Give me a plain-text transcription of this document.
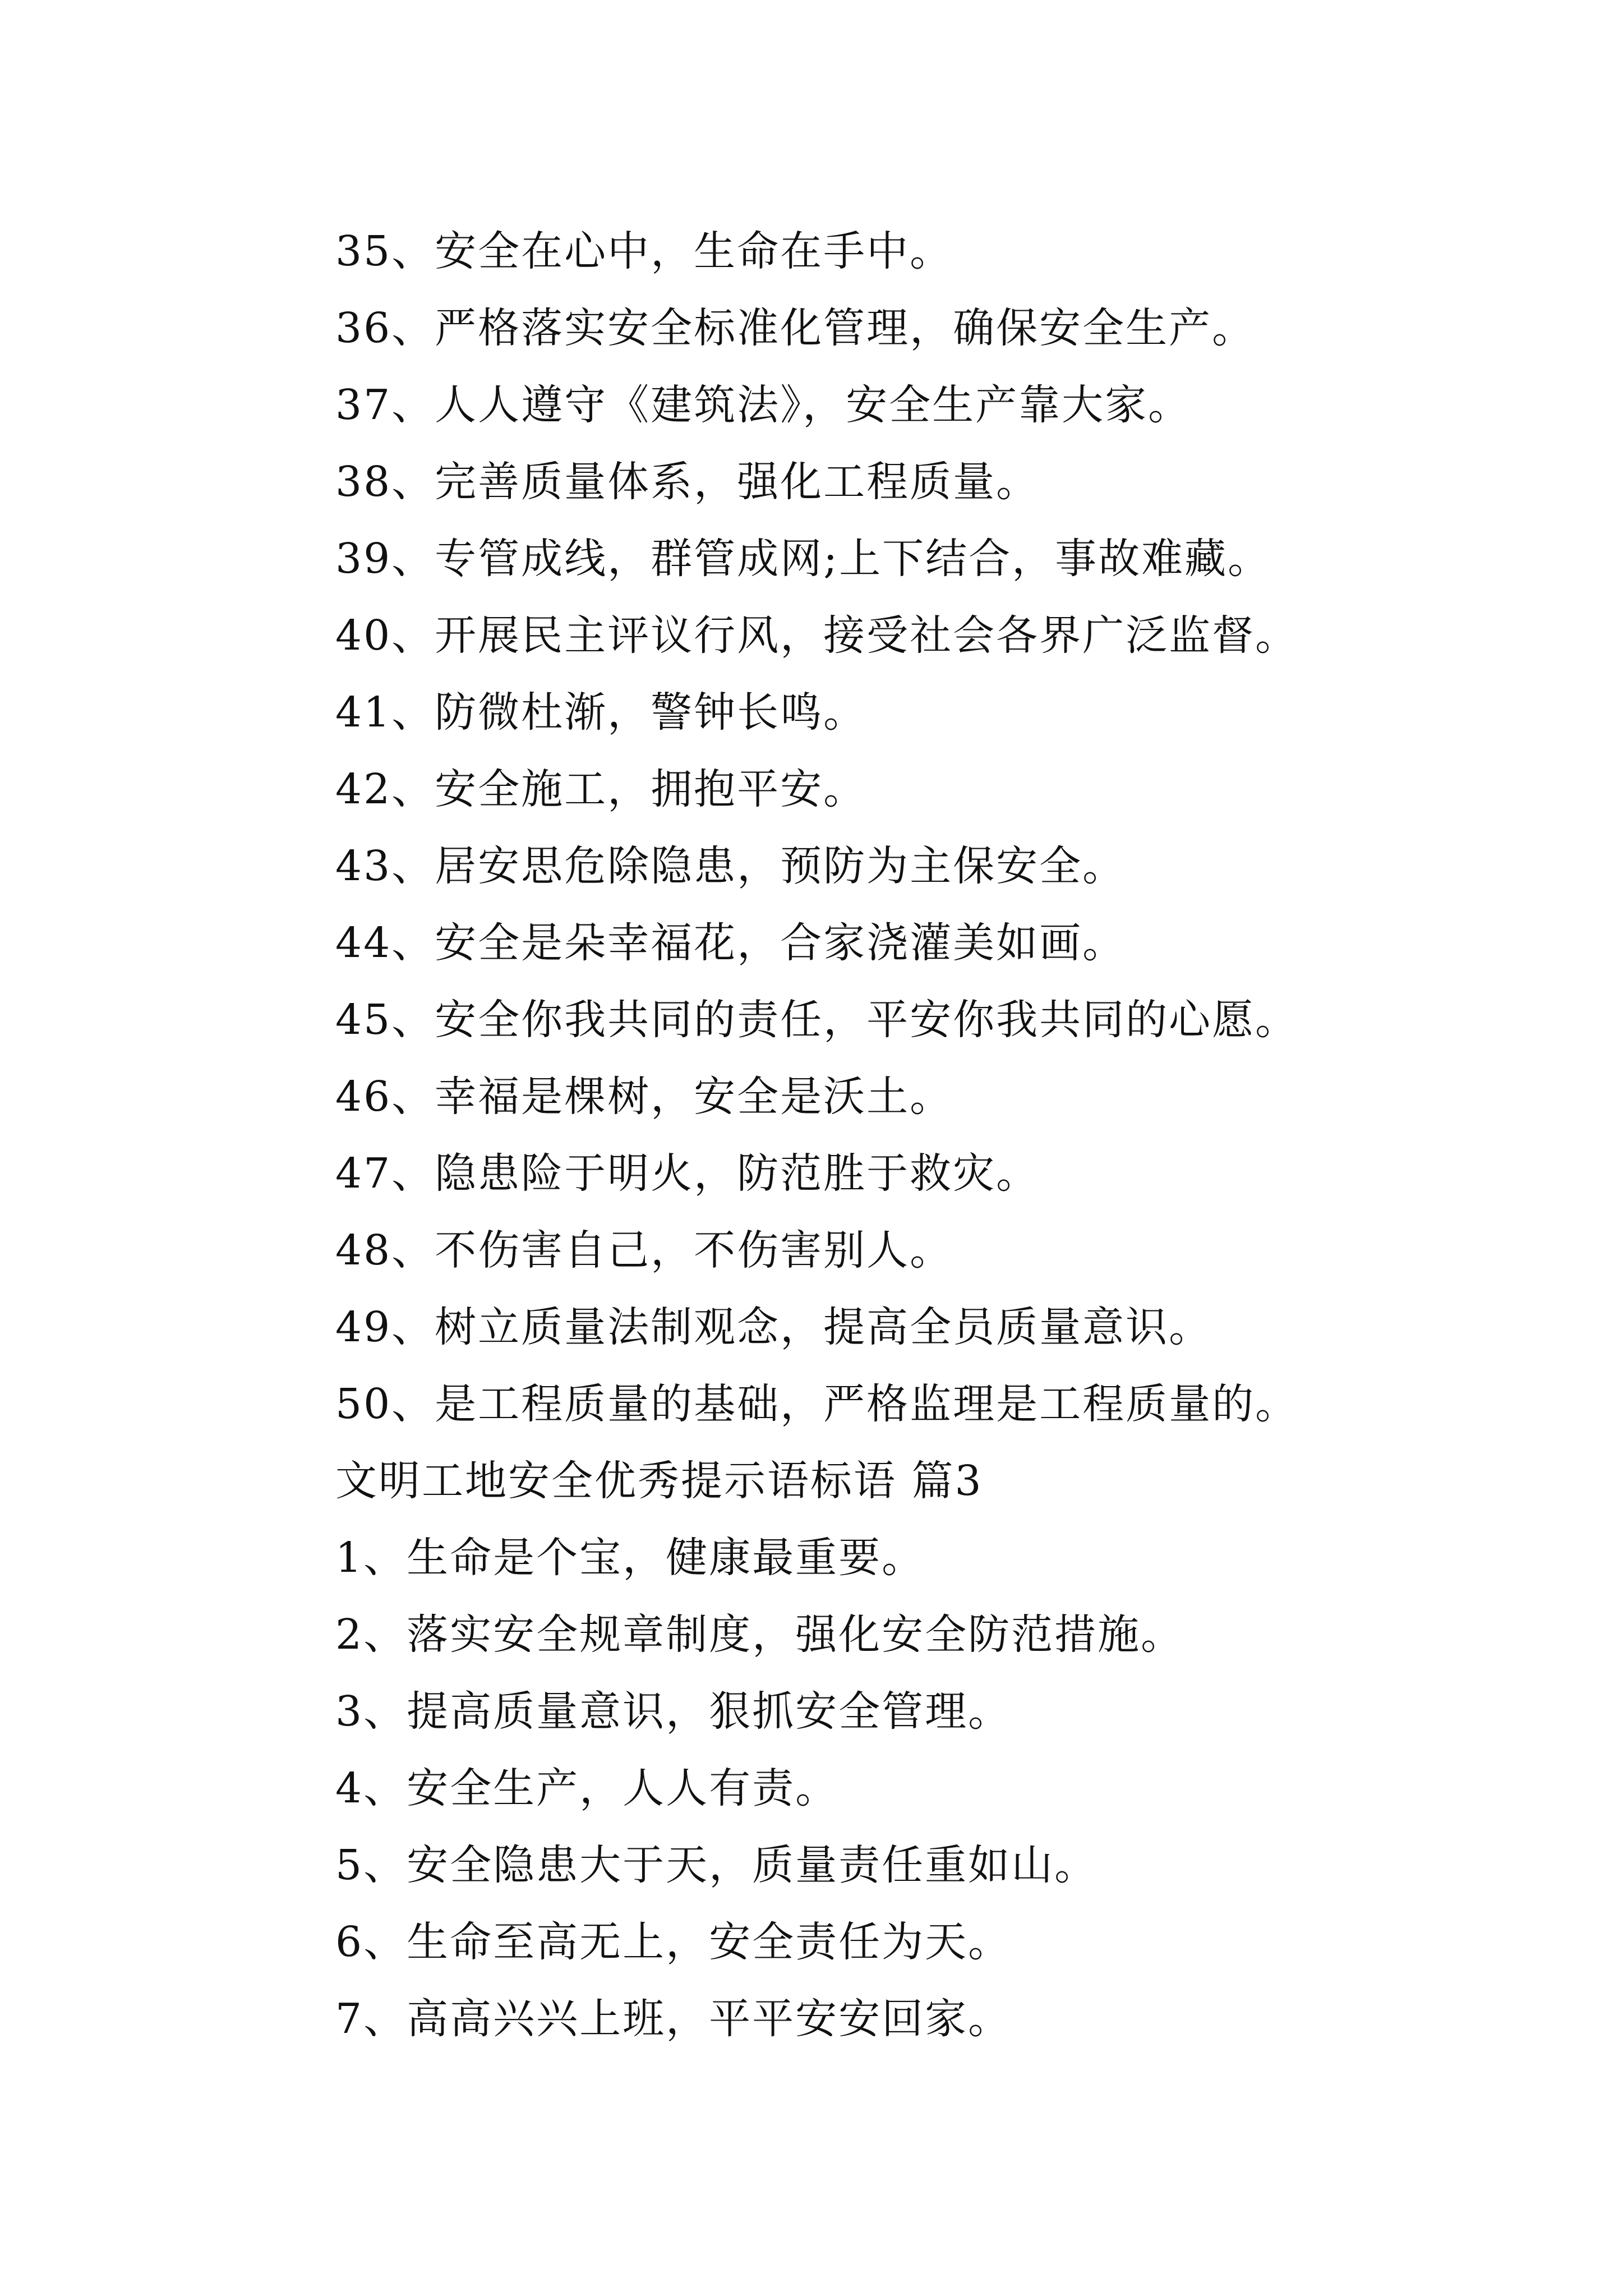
35、安全在心中，生命在手中。
36、严格落实安全标准化管理，确保安全生产。
37、人人遵守《建筑法》，安全生产靠大家。
38、完善质量体系，强化工程质量。
39、专管成线，群管成网;上下结合，事故难藏。
40、开展民主评议行风，接受社会各界广泛监督。
41、防微杜渐，警钟长鸣。
42、安全施工，拥抱平安。
43、居安思危除隐患，预防为主保安全。
44、安全是朵幸福花，合家浇灌美如画。
45、安全你我共同的责任，平安你我共同的心愿。
46、幸福是棵树，安全是沃土。
47、隐患险于明火，防范胜于救灾。
48、不伤害自己，不伤害别人。
49、树立质量法制观念，提高全员质量意识。
50、是工程质量的基础，严格监理是工程质量的。
文明工地安全优秀提示语标语 篇3
1、生命是个宝，健康最重要。
2、落实安全规章制度，强化安全防范措施。
3、提高质量意识，狠抓安全管理。
4、安全生产，人人有责。
5、安全隐患大于天，质量责任重如山。
6、生命至高无上，安全责任为天。
7、高高兴兴上班，平平安安回家。
